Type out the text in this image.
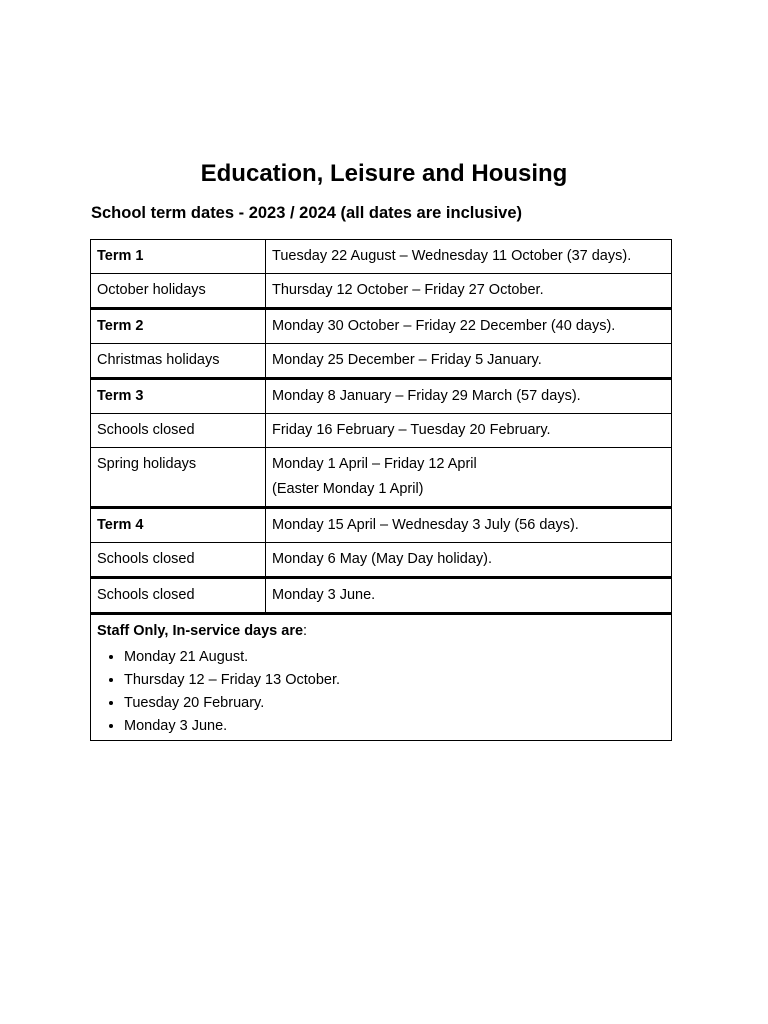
Education, Leisure and Housing
School term dates - 2023 / 2024 (all dates are inclusive)
Term 1	Tuesday 22 August – Wednesday 11 October (37 days).
October holidays	Thursday 12 October – Friday 27 October.
Term 2	Monday 30 October – Friday 22 December (40 days).
Christmas holidays	Monday 25 December – Friday 5 January.
Term 3	Monday 8 January – Friday 29 March (57 days).
Schools closed	Friday 16 February – Tuesday 20 February.
Spring holidays	Monday 1 April – Friday 12 April
(Easter Monday 1 April)
Term 4	Monday 15 April – Wednesday 3 July (56 days).
Schools closed	Monday 6 May (May Day holiday).
Schools closed	Monday 3 June.
Staff Only, In-service days are:
• Monday 21 August.
• Thursday 12 – Friday 13 October.
• Tuesday 20 February.
• Monday 3 June.
